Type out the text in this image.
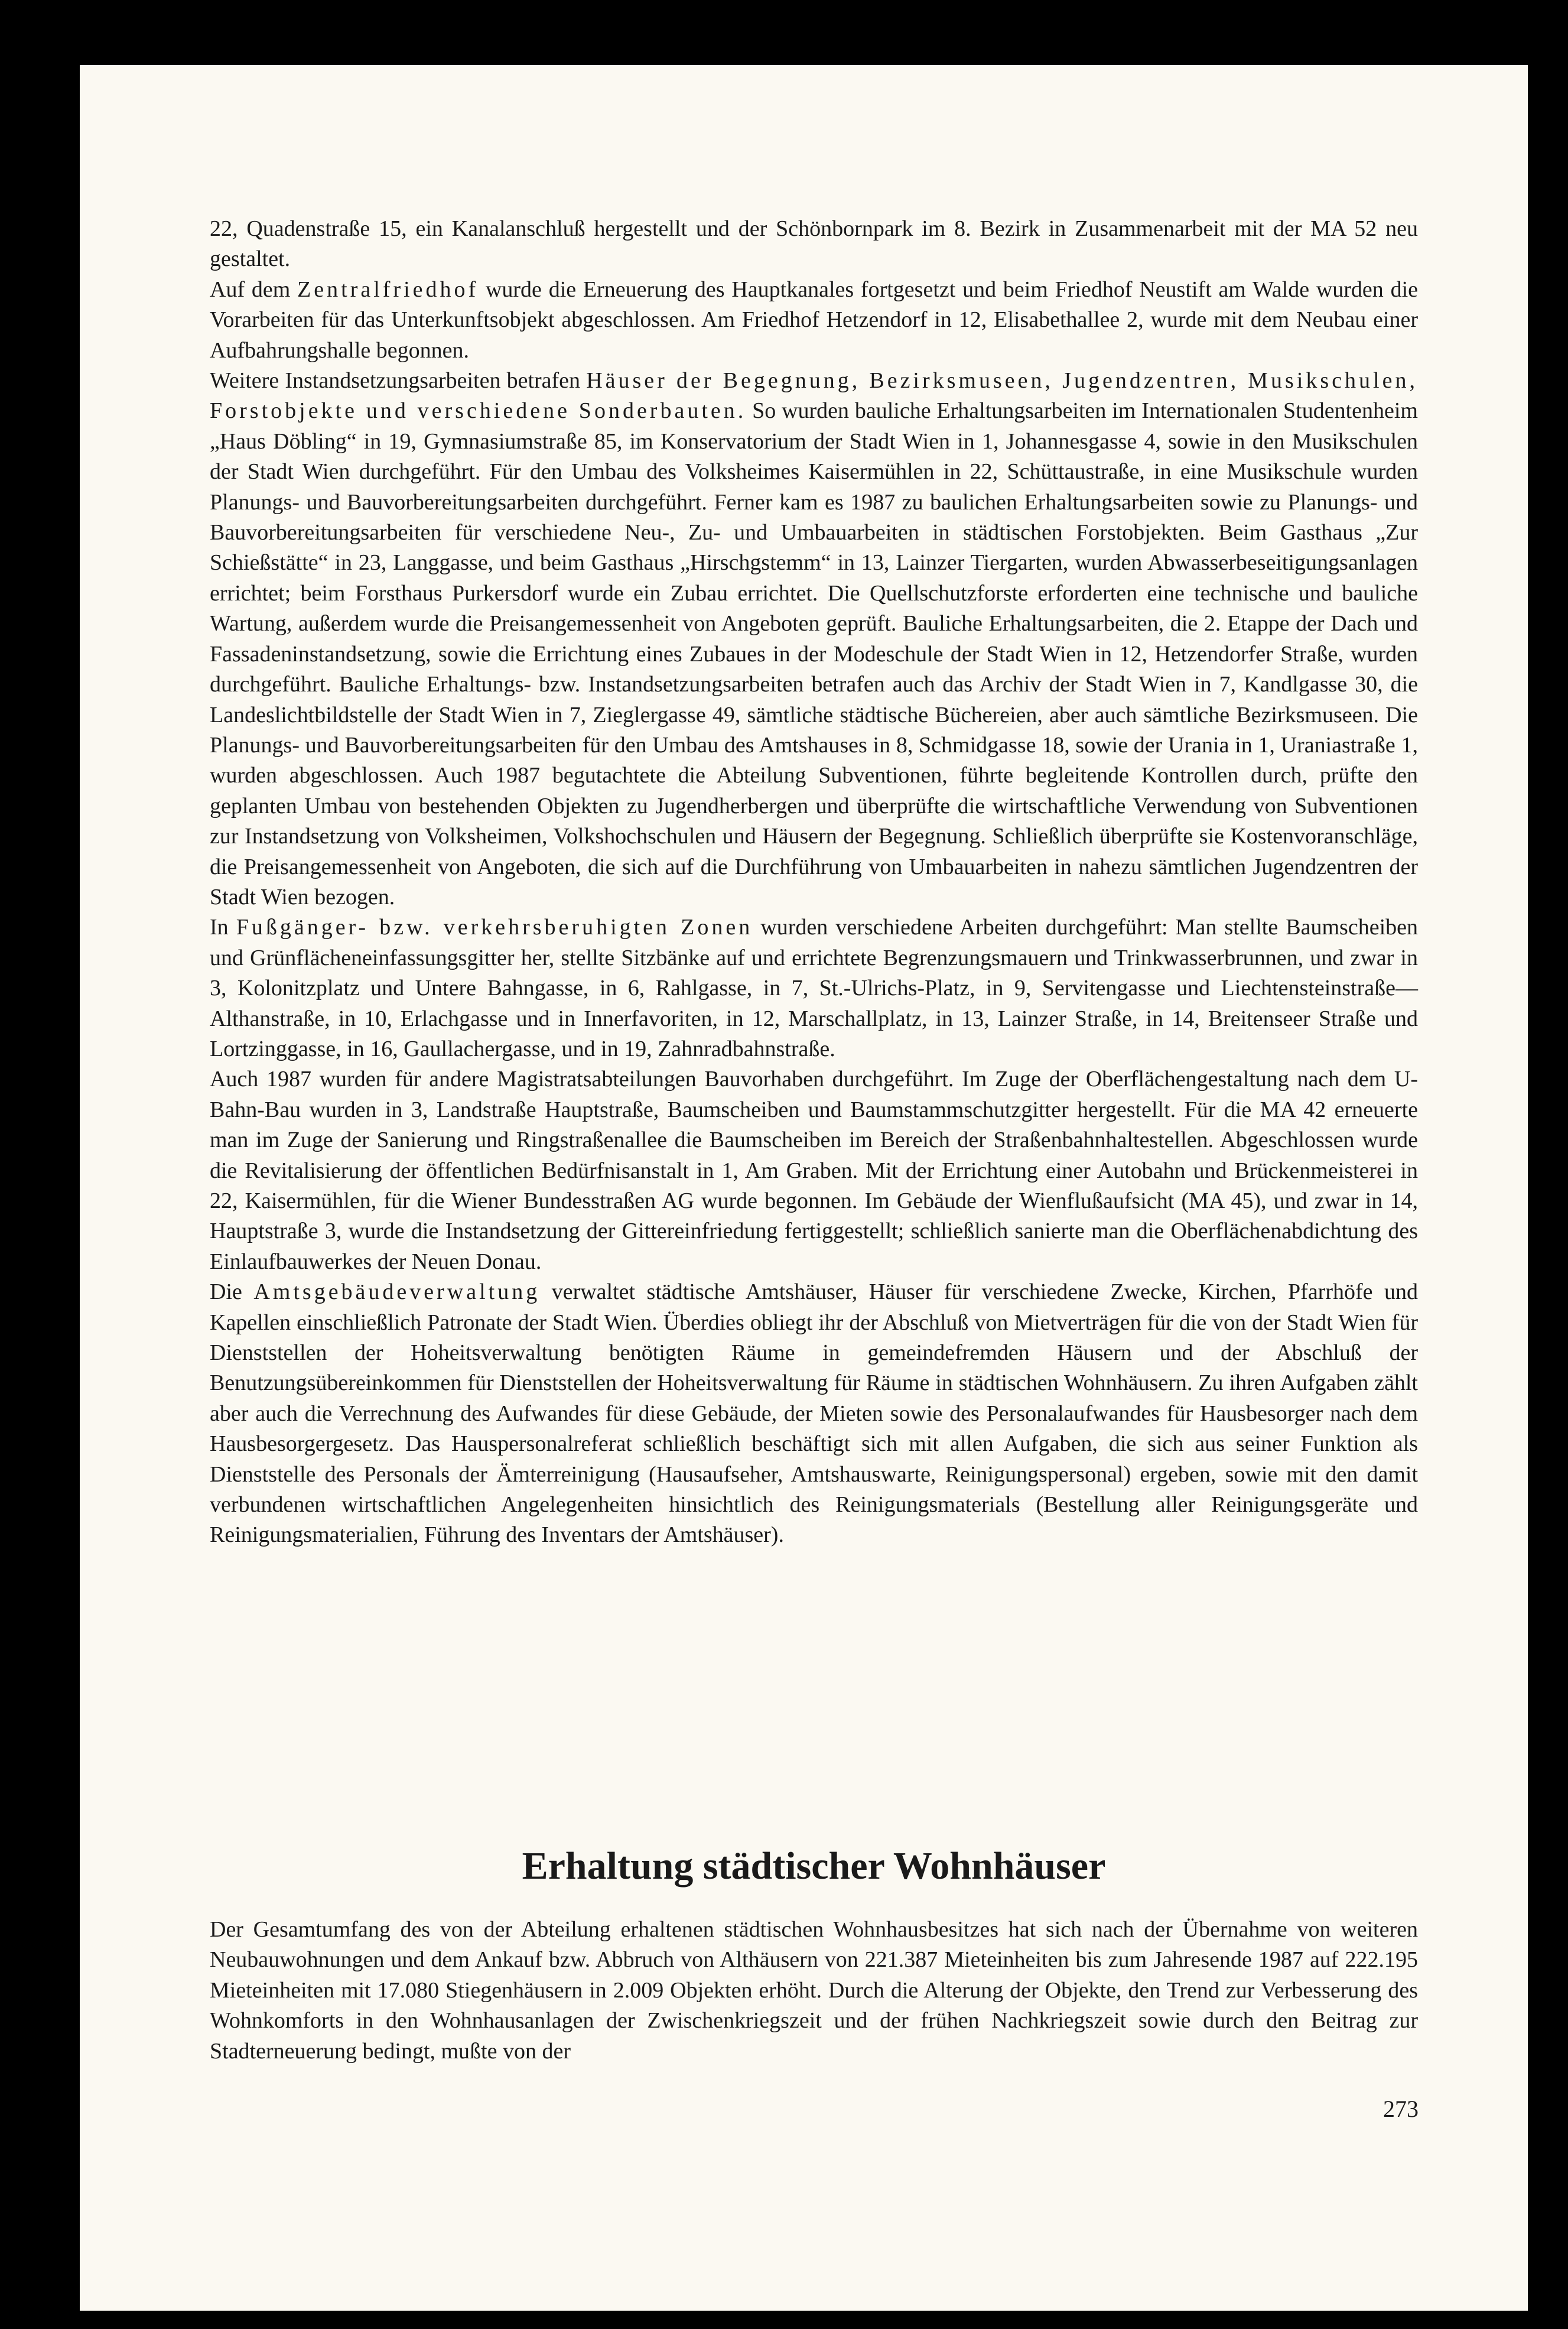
22, Quadenstraße 15, ein Kanalanschluß hergestellt und der Schönbornpark im 8. Bezirk in Zusammenarbeit mit der MA 52 neu gestaltet.

Auf dem Zentralfriedhof wurde die Erneuerung des Hauptkanales fortgesetzt und beim Friedhof Neustift am Walde wurden die Vorarbeiten für das Unterkunftsobjekt abgeschlossen. Am Friedhof Hetzendorf in 12, Elisabethallee 2, wurde mit dem Neubau einer Aufbahrungshalle begonnen.

Weitere Instandsetzungsarbeiten betrafen Häuser der Begegnung, Bezirksmuseen, Jugendzentren, Musikschulen, Forstobjekte und verschiedene Sonderbauten. So wurden bauliche Erhaltungsarbeiten im Internationalen Studentenheim „Haus Döbling“ in 19, Gymnasiumstraße 85, im Konservatorium der Stadt Wien in 1, Johannesgasse 4, sowie in den Musikschulen der Stadt Wien durchgeführt. Für den Umbau des Volksheimes Kaisermühlen in 22, Schüttaustraße, in eine Musikschule wurden Planungs- und Bauvorbereitungsarbeiten durchgeführt. Ferner kam es 1987 zu baulichen Erhaltungsarbeiten sowie zu Planungs- und Bauvorbereitungsarbeiten für verschiedene Neu-, Zu- und Umbauarbeiten in städtischen Forstobjekten. Beim Gasthaus „Zur Schießstätte“ in 23, Langgasse, und beim Gasthaus „Hirschgstemm“ in 13, Lainzer Tiergarten, wurden Abwasserbeseitigungsanlagen errichtet; beim Forsthaus Purkersdorf wurde ein Zubau errichtet. Die Quellschutzforste erforderten eine technische und bauliche Wartung, außerdem wurde die Preisangemessenheit von Angeboten geprüft. Bauliche Erhaltungsarbeiten, die 2. Etappe der Dach und Fassadeninstandsetzung, sowie die Errichtung eines Zubaues in der Modeschule der Stadt Wien in 12, Hetzendorfer Straße, wurden durchgeführt. Bauliche Erhaltungs- bzw. Instandsetzungsarbeiten betrafen auch das Archiv der Stadt Wien in 7, Kandlgasse 30, die Landeslichtbildstelle der Stadt Wien in 7, Zieglergasse 49, sämtliche städtische Büchereien, aber auch sämtliche Bezirksmuseen. Die Planungs- und Bauvorbereitungsarbeiten für den Umbau des Amtshauses in 8, Schmidgasse 18, sowie der Urania in 1, Uraniastraße 1, wurden abgeschlossen. Auch 1987 begutachtete die Abteilung Subventionen, führte begleitende Kontrollen durch, prüfte den geplanten Umbau von bestehenden Objekten zu Jugendherbergen und überprüfte die wirtschaftliche Verwendung von Subventionen zur Instandsetzung von Volksheimen, Volkshochschulen und Häusern der Begegnung. Schließlich überprüfte sie Kostenvoranschläge, die Preisangemessenheit von Angeboten, die sich auf die Durchführung von Umbauarbeiten in nahezu sämtlichen Jugendzentren der Stadt Wien bezogen.

In Fußgänger- bzw. verkehrsberuhigten Zonen wurden verschiedene Arbeiten durchgeführt: Man stellte Baumscheiben und Grünflächeneinfassungsgitter her, stellte Sitzbänke auf und errichtete Begrenzungsmauern und Trinkwasserbrunnen, und zwar in 3, Kolonitzplatz und Untere Bahngasse, in 6, Rahlgasse, in 7, St.-Ulrichs-Platz, in 9, Servitengasse und Liechtensteinstraße—Althanstraße, in 10, Erlachgasse und in Innerfavoriten, in 12, Marschallplatz, in 13, Lainzer Straße, in 14, Breitenseer Straße und Lortzinggasse, in 16, Gaullachergasse, und in 19, Zahnradbahnstraße.

Auch 1987 wurden für andere Magistratsabteilungen Bauvorhaben durchgeführt. Im Zuge der Oberflächengestaltung nach dem U-Bahn-Bau wurden in 3, Landstraße Hauptstraße, Baumscheiben und Baumstammschutzgitter hergestellt. Für die MA 42 erneuerte man im Zuge der Sanierung und Ringstraßenallee die Baumscheiben im Bereich der Straßenbahnhaltestellen. Abgeschlossen wurde die Revitalisierung der öffentlichen Bedürfnisanstalt in 1, Am Graben. Mit der Errichtung einer Autobahn und Brückenmeisterei in 22, Kaisermühlen, für die Wiener Bundesstraßen AG wurde begonnen. Im Gebäude der Wienflußaufsicht (MA 45), und zwar in 14, Hauptstraße 3, wurde die Instandsetzung der Gittereinfriedung fertiggestellt; schließlich sanierte man die Oberflächenabdichtung des Einlaufbauwerkes der Neuen Donau.

Die Amtsgebäudeverwaltung verwaltet städtische Amtshäuser, Häuser für verschiedene Zwecke, Kirchen, Pfarrhöfe und Kapellen einschließlich Patronate der Stadt Wien. Überdies obliegt ihr der Abschluß von Mietverträgen für die von der Stadt Wien für Dienststellen der Hoheitsverwaltung benötigten Räume in gemeindefremden Häusern und der Abschluß der Benutzungsübereinkommen für Dienststellen der Hoheitsverwaltung für Räume in städtischen Wohnhäusern. Zu ihren Aufgaben zählt aber auch die Verrechnung des Aufwandes für diese Gebäude, der Mieten sowie des Personalaufwandes für Hausbesorger nach dem Hausbesorgergesetz. Das Hauspersonalreferat schließlich beschäftigt sich mit allen Aufgaben, die sich aus seiner Funktion als Dienststelle des Personals der Ämterreinigung (Hausaufseher, Amtshauswarte, Reinigungspersonal) ergeben, sowie mit den damit verbundenen wirtschaftlichen Angelegenheiten hinsichtlich des Reinigungsmaterials (Bestellung aller Reinigungsgeräte und Reinigungsmaterialien, Führung des Inventars der Amtshäuser).

Erhaltung städtischer Wohnhäuser

Der Gesamtumfang des von der Abteilung erhaltenen städtischen Wohnhausbesitzes hat sich nach der Übernahme von weiteren Neubauwohnungen und dem Ankauf bzw. Abbruch von Althäusern von 221.387 Mieteinheiten bis zum Jahresende 1987 auf 222.195 Mieteinheiten mit 17.080 Stiegenhäusern in 2.009 Objekten erhöht. Durch die Alterung der Objekte, den Trend zur Verbesserung des Wohnkomforts in den Wohnhausanlagen der Zwischenkriegszeit und der frühen Nachkriegszeit sowie durch den Beitrag zur Stadterneuerung bedingt, mußte von der

273
